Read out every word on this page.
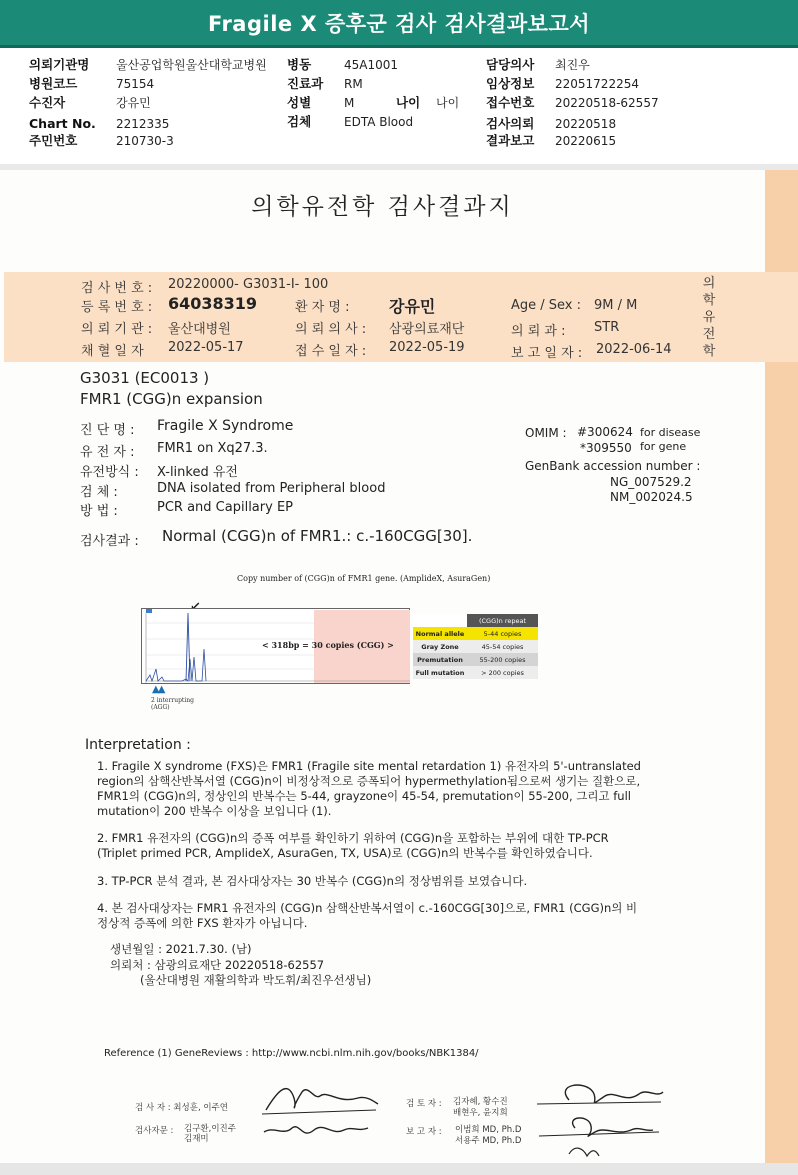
Fragile X 증후군 검사 검사결과보고서
의뢰기관명 울산공업학원울산대학교병원
병원코드	75154
수진자	강유민
Chart No. 2212335
주민번호	210730-3
병동	45A1001
진료과 RM
성별	M	나이 나이
검체	EDTA Blood
담당의사 최진우
임상정보 22051722254
접수번호 20220518-62557
검사의뢰 20220518
결과보고 20220615
의학유전학 검사결과지
검 사 번 호 : 20220000- G3031-I- 100
등 록 번 호 : 64038319	환 자 명 : 강유민	Age / Sex : 9M / M
의 뢰 기 관 : 울산대병원	의 뢰 의 사 : 삼광의료재단	의 뢰 과 : STR
채 혈 일 자 2022-05-17	접 수 일 자 : 2022-05-19	보 고 일 자 : 2022-06-14
의
학
유
전
학
G3031 (EC0013 )
FMR1 (CGG)n expansion
진 단 명 : Fragile X Syndrome
유 전 자 : FMR1 on Xq27.3.
유전방식 : X-linked 유전
검 체 :	DNA isolated from Peripheral blood
방 법 :	PCR and Capillary EP
OMIM : #300624 for disease
*309550 for gene
GenBank accession number :
NG_007529.2
NM_002024.5
검사결과 : Normal (CGG)n of FMR1.: c.-160CGG[30].
Copy number of (CGG)n of FMR1 gene. (AmplideX, AsuraGen)
< 318bp = 30 copies (CGG) >
▲▲
2 interrupting
(AGG)
(CGG)n repeat
Normal allele	5-44 copies
Gray Zone	45-54 copies
Premutation	55-200 copies
Full mutation	> 200 copies
Interpretation :
1. Fragile X syndrome (FXS)은 FMR1 (Fragile site mental retardation 1) 유전자의 5'-untranslated
region의 삼핵산반복서열 (CGG)n이 비정상적으로 증폭되어 hypermethylation됨으로써 생기는 질환으로,
FMR1의 (CGG)n의, 정상인의 반복수는 5-44, grayzone이 45-54, premutation이 55-200, 그리고 full
mutation이 200 반복수 이상을 보입니다 (1).
2. FMR1 유전자의 (CGG)n의 증폭 여부를 확인하기 위하여 (CGG)n을 포함하는 부위에 대한 TP-PCR
(Triplet primed PCR, AmplideX, AsuraGen, TX, USA)로 (CGG)n의 반복수를 확인하였습니다.
3. TP-PCR 분석 결과, 본 검사대상자는 30 반복수 (CGG)n의 정상범위를 보였습니다.
4. 본 검사대상자는 FMR1 유전자의 (CGG)n 삼핵산반복서열이 c.-160CGG[30]으로, FMR1 (CGG)n의 비
정상적 증폭에 의한 FXS 환자가 아닙니다.
생년월일 : 2021.7.30. (남)
의뢰처 : 삼광의료재단 20220518-62557
(울산대병원 재활의학과 박도휘/최진우선생님)
Reference (1) GeneReviews : http://www.ncbi.nlm.nih.gov/books/NBK1384/
검 사 자 : 최성훈, 이주연
검사자문 : 김구환,이진주
김재미
검 토 자 : 김자혜, 황수진
배현우, 윤지희
보 고 자 : 이범희 MD, Ph.D
서용주 MD, Ph.D
